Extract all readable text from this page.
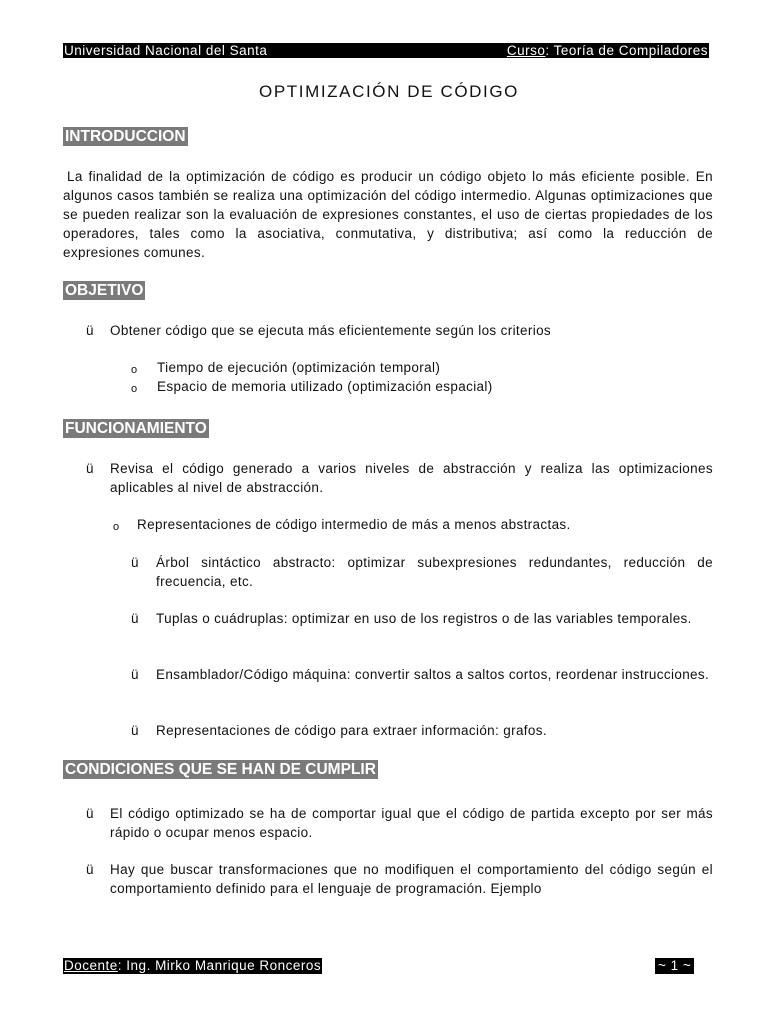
Universidad Nacional del Santa	Curso: Teoría de Compiladores
OPTIMIZACIÓN DE CÓDIGO
INTRODUCCION
La finalidad de la optimización de código es producir un código objeto lo más eficiente posible. En algunos casos también se realiza una optimización del código intermedio. Algunas optimizaciones que se pueden realizar son la evaluación de expresiones constantes, el uso de ciertas propiedades de los operadores, tales como la asociativa, conmutativa, y distributiva; así como la reducción de expresiones comunes.
OBJETIVO
ü Obtener código que se ejecuta más eficientemente según los criterios
o Tiempo de ejecución (optimización temporal)
o Espacio de memoria utilizado (optimización espacial)
FUNCIONAMIENTO
ü Revisa el código generado a varios niveles de abstracción y realiza las optimizaciones aplicables al nivel de abstracción.
o Representaciones de código intermedio de más a menos abstractas.
ü Árbol sintáctico abstracto: optimizar subexpresiones redundantes, reducción de frecuencia, etc.
ü Tuplas o cuádruplas: optimizar en uso de los registros o de las variables temporales.
ü Ensamblador/Código máquina: convertir saltos a saltos cortos, reordenar instrucciones.
ü Representaciones de código para extraer información: grafos.
CONDICIONES QUE SE HAN DE CUMPLIR
ü El código optimizado se ha de comportar igual que el código de partida excepto por ser más rápido o ocupar menos espacio.
ü Hay que buscar transformaciones que no modifiquen el comportamiento del código según el comportamiento definido para el lenguaje de programación. Ejemplo
Docente: Ing. Mirko Manrique Ronceros	~ 1 ~
